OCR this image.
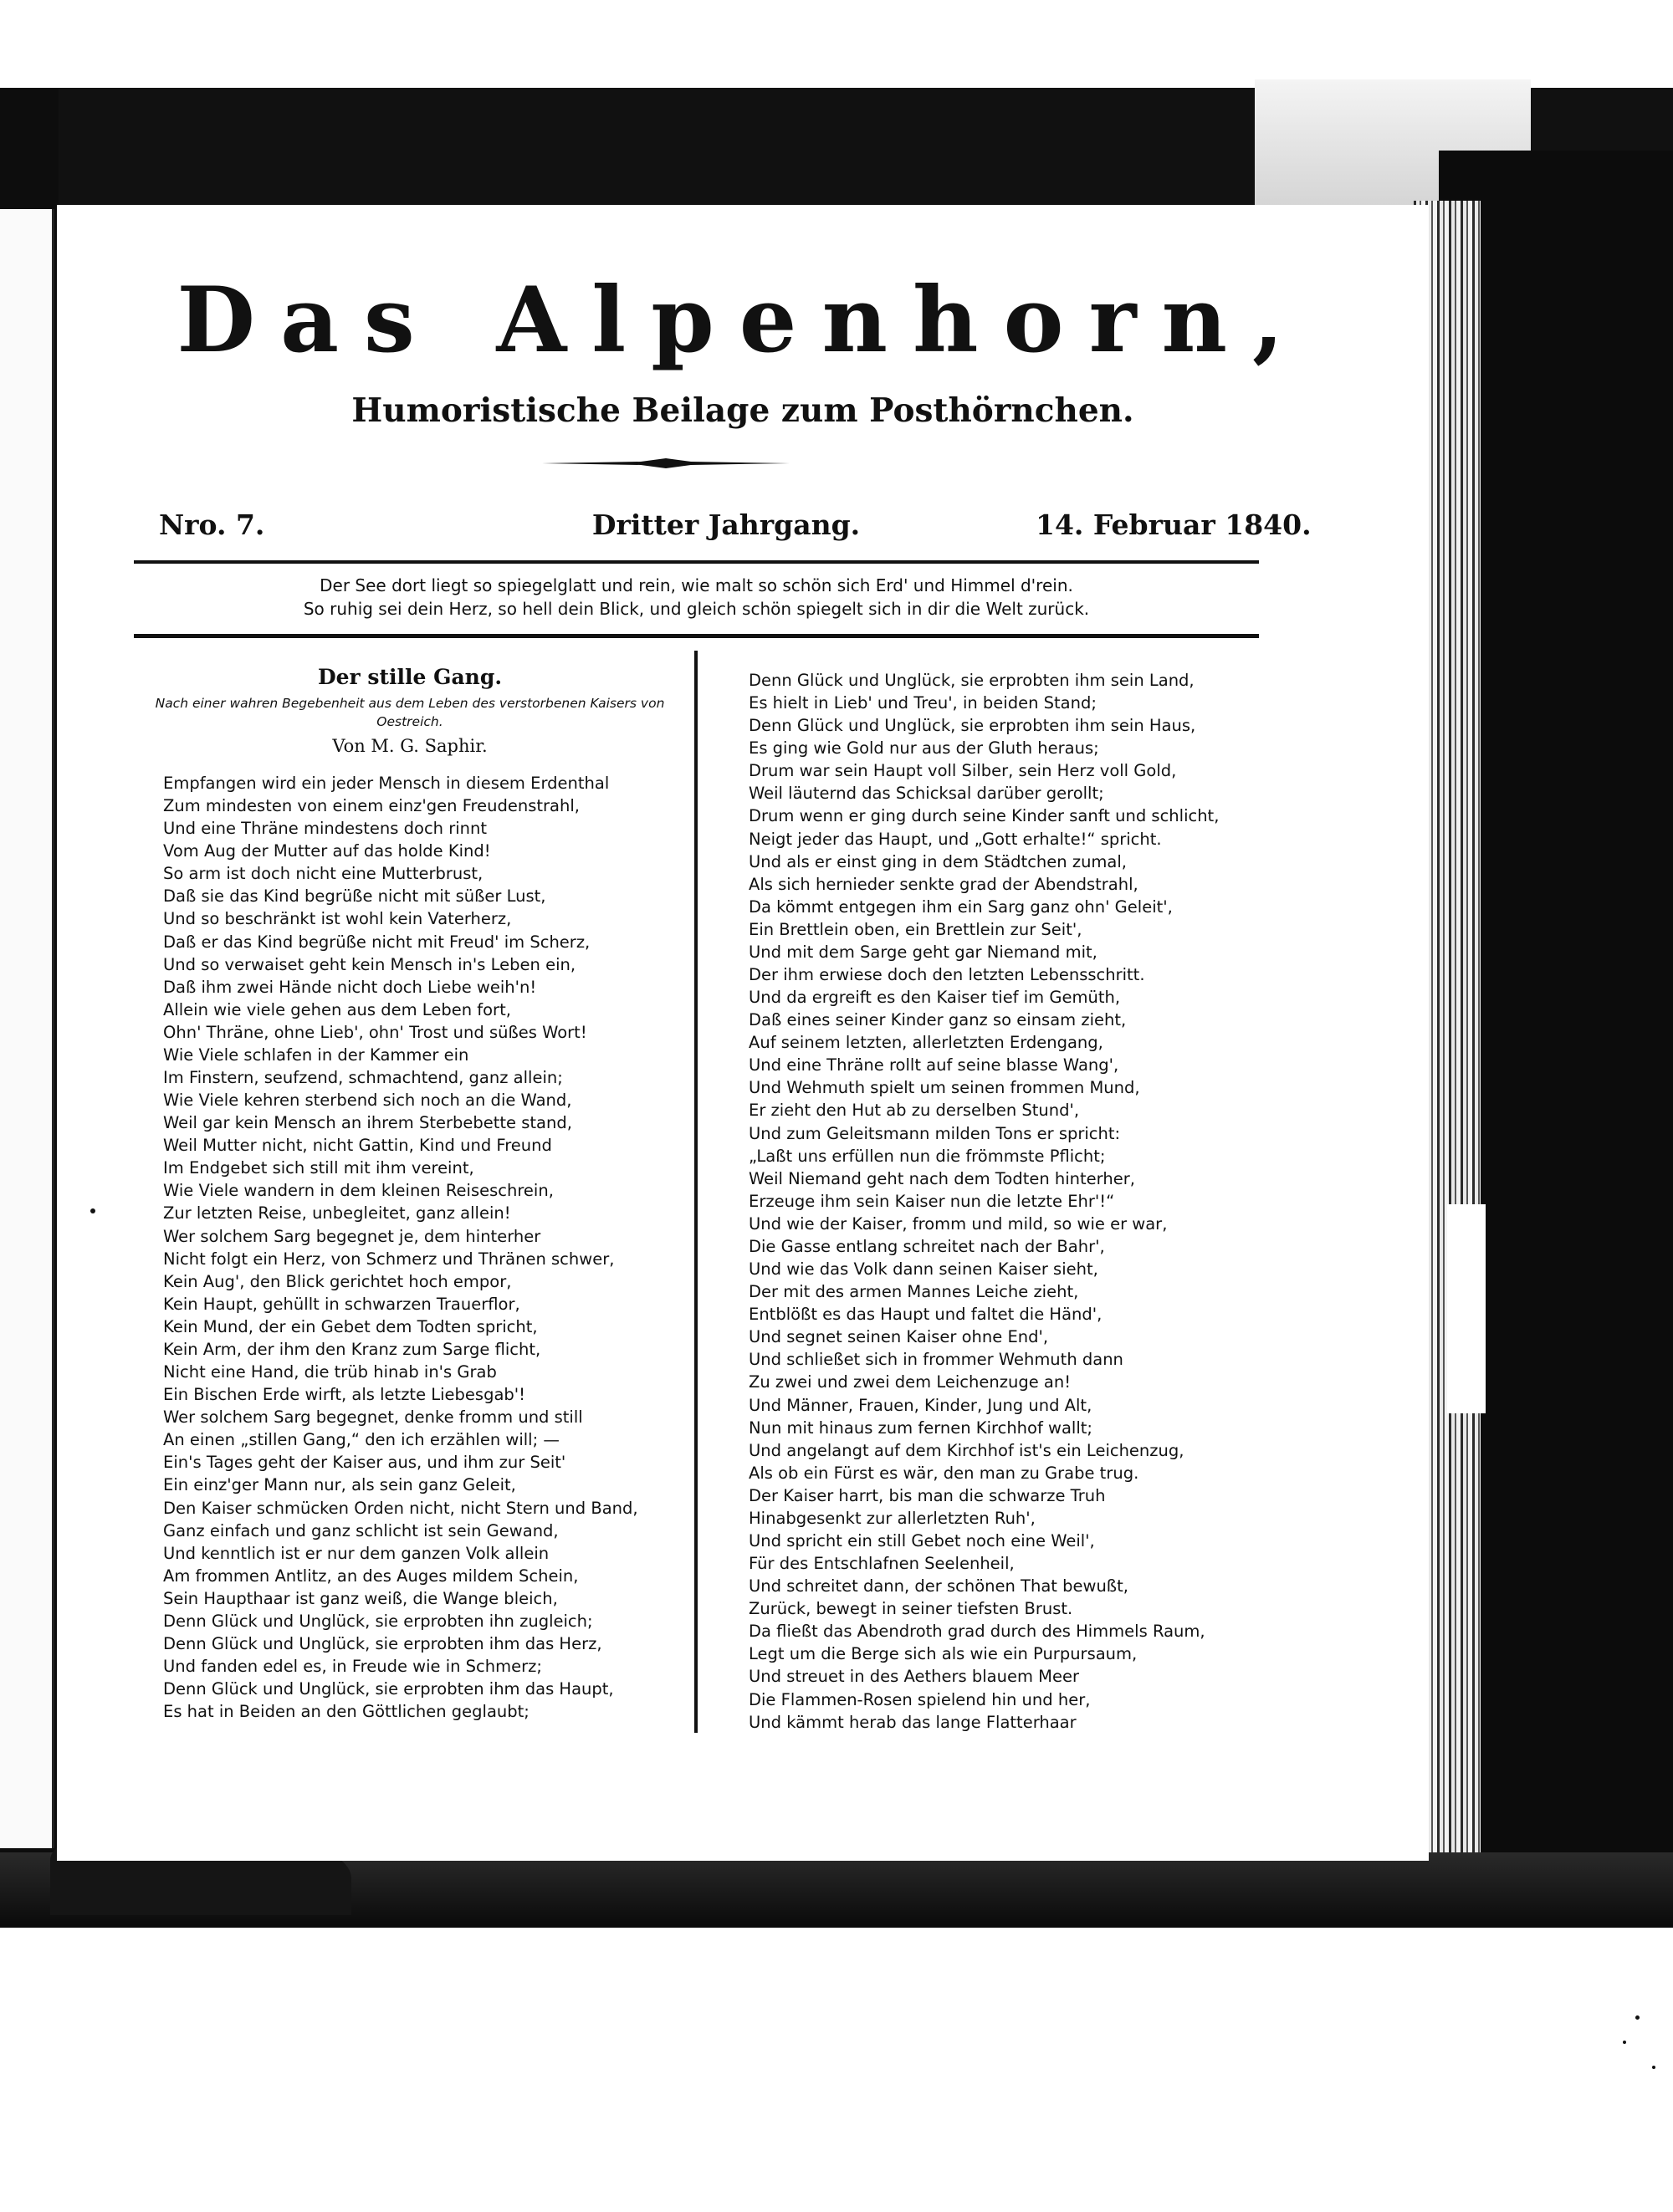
Das Alpenhorn,
Humoristische Beilage zum Posthörnchen.
Nro. 7.	Dritter Jahrgang.	14. Februar 1840.
Der See dort liegt so spiegelglatt und rein, wie malt so schön sich Erd' und Himmel d'rein.
So ruhig sei dein Herz, so hell dein Blick, und gleich schön spiegelt sich in dir die Welt zurück.
Der stille Gang.
Nach einer wahren Begebenheit aus dem Leben des verstorbenen Kaisers von
Oestreich.
Von M. G. Saphir.
Empfangen wird ein jeder Mensch in diesem Erdenthal
Zum mindesten von einem einz'gen Freudenstrahl,
Und eine Thräne mindestens doch rinnt
Vom Aug der Mutter auf das holde Kind!
So arm ist doch nicht eine Mutterbrust,
Daß sie das Kind begrüße nicht mit süßer Lust,
Und so beschränkt ist wohl kein Vaterherz,
Daß er das Kind begrüße nicht mit Freud' im Scherz,
Und so verwaiset geht kein Mensch in's Leben ein,
Daß ihm zwei Hände nicht doch Liebe weih'n!
Allein wie viele gehen aus dem Leben fort,
Ohn' Thräne, ohne Lieb', ohn' Trost und süßes Wort!
Wie Viele schlafen in der Kammer ein
Im Finstern, seufzend, schmachtend, ganz allein;
Wie Viele kehren sterbend sich noch an die Wand,
Weil gar kein Mensch an ihrem Sterbebette stand,
Weil Mutter nicht, nicht Gattin, Kind und Freund
Im Endgebet sich still mit ihm vereint,
Wie Viele wandern in dem kleinen Reiseschrein,
Zur letzten Reise, unbegleitet, ganz allein!
Wer solchem Sarg begegnet je, dem hinterher
Nicht folgt ein Herz, von Schmerz und Thränen schwer,
Kein Aug', den Blick gerichtet hoch empor,
Kein Haupt, gehüllt in schwarzen Trauerflor,
Kein Mund, der ein Gebet dem Todten spricht,
Kein Arm, der ihm den Kranz zum Sarge flicht,
Nicht eine Hand, die trüb hinab in's Grab
Ein Bischen Erde wirft, als letzte Liebesgab'!
Wer solchem Sarg begegnet, denke fromm und still
An einen „stillen Gang,“ den ich erzählen will; —
Ein's Tages geht der Kaiser aus, und ihm zur Seit'
Ein einz'ger Mann nur, als sein ganz Geleit,
Den Kaiser schmücken Orden nicht, nicht Stern und Band,
Ganz einfach und ganz schlicht ist sein Gewand,
Und kenntlich ist er nur dem ganzen Volk allein
Am frommen Antlitz, an des Auges mildem Schein,
Sein Haupthaar ist ganz weiß, die Wange bleich,
Denn Glück und Unglück, sie erprobten ihn zugleich;
Denn Glück und Unglück, sie erprobten ihm das Herz,
Und fanden edel es, in Freude wie in Schmerz;
Denn Glück und Unglück, sie erprobten ihm das Haupt,
Es hat in Beiden an den Göttlichen geglaubt;
Denn Glück und Unglück, sie erprobten ihm sein Land,
Es hielt in Lieb' und Treu', in beiden Stand;
Denn Glück und Unglück, sie erprobten ihm sein Haus,
Es ging wie Gold nur aus der Gluth heraus;
Drum war sein Haupt voll Silber, sein Herz voll Gold,
Weil läuternd das Schicksal darüber gerollt;
Drum wenn er ging durch seine Kinder sanft und schlicht,
Neigt jeder das Haupt, und „Gott erhalte!“ spricht.
Und als er einst ging in dem Städtchen zumal,
Als sich hernieder senkte grad der Abendstrahl,
Da kömmt entgegen ihm ein Sarg ganz ohn' Geleit',
Ein Brettlein oben, ein Brettlein zur Seit',
Und mit dem Sarge geht gar Niemand mit,
Der ihm erwiese doch den letzten Lebensschritt.
Und da ergreift es den Kaiser tief im Gemüth,
Daß eines seiner Kinder ganz so einsam zieht,
Auf seinem letzten, allerletzten Erdengang,
Und eine Thräne rollt auf seine blasse Wang',
Und Wehmuth spielt um seinen frommen Mund,
Er zieht den Hut ab zu derselben Stund',
Und zum Geleitsmann milden Tons er spricht:
„Laßt uns erfüllen nun die frömmste Pflicht;
Weil Niemand geht nach dem Todten hinterher,
Erzeuge ihm sein Kaiser nun die letzte Ehr'!“
Und wie der Kaiser, fromm und mild, so wie er war,
Die Gasse entlang schreitet nach der Bahr',
Und wie das Volk dann seinen Kaiser sieht,
Der mit des armen Mannes Leiche zieht,
Entblößt es das Haupt und faltet die Händ',
Und segnet seinen Kaiser ohne End',
Und schließet sich in frommer Wehmuth dann
Zu zwei und zwei dem Leichenzuge an!
Und Männer, Frauen, Kinder, Jung und Alt,
Nun mit hinaus zum fernen Kirchhof wallt;
Und angelangt auf dem Kirchhof ist's ein Leichenzug,
Als ob ein Fürst es wär, den man zu Grabe trug.
Der Kaiser harrt, bis man die schwarze Truh
Hinabgesenkt zur allerletzten Ruh',
Und spricht ein still Gebet noch eine Weil',
Für des Entschlafnen Seelenheil,
Und schreitet dann, der schönen That bewußt,
Zurück, bewegt in seiner tiefsten Brust.
Da fließt das Abendroth grad durch des Himmels Raum,
Legt um die Berge sich als wie ein Purpursaum,
Und streuet in des Aethers blauem Meer
Die Flammen-Rosen spielend hin und her,
Und kämmt herab das lange Flatterhaar
